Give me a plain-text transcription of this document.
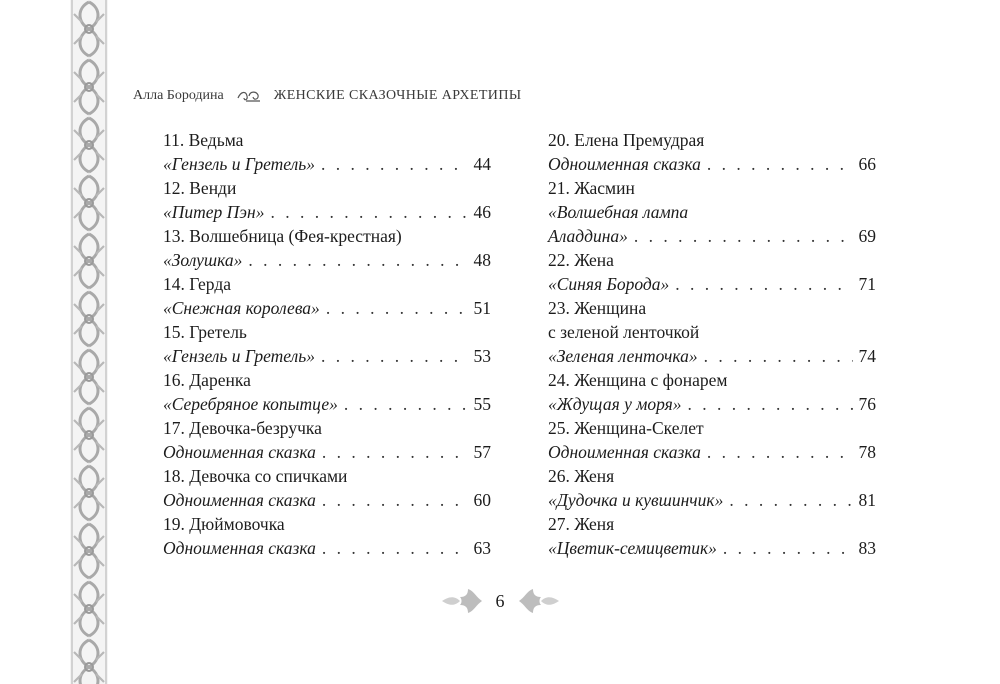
Алла Бородина	ЖЕНСКИЕ СКАЗОЧНЫЕ АРХЕТИПЫ
11. Ведьма
«Гензель и Гретель» . . .	44
12. Венди
«Питер Пэн» . . .	46
13. Волшебница (Фея-крестная)
«Золушка» . . .	48
14. Герда
«Снежная королева» . . .	51
15. Гретель
«Гензель и Гретель» . . .	53
16. Даренка
«Серебряное копытце» . . .	55
17. Девочка-безручка
Одноименная сказка . . .	57
18. Девочка со спичками
Одноименная сказка . . .	60
19. Дюймовочка
Одноименная сказка . . .	63
20. Елена Премудрая
Одноименная сказка . . .	66
21. Жасмин
«Волшебная лампа
Аладдина» . . .	69
22. Жена
«Синяя Борода» . . .	71
23. Женщина
с зеленой ленточкой
«Зеленая ленточка» . . .	74
24. Женщина с фонарем
«Ждущая у моря» . . .	76
25. Женщина-Скелет
Одноименная сказка . . .	78
26. Женя
«Дудочка и кувшинчик» . . .	81
27. Женя
«Цветик-семицветик» . . .	83
6
